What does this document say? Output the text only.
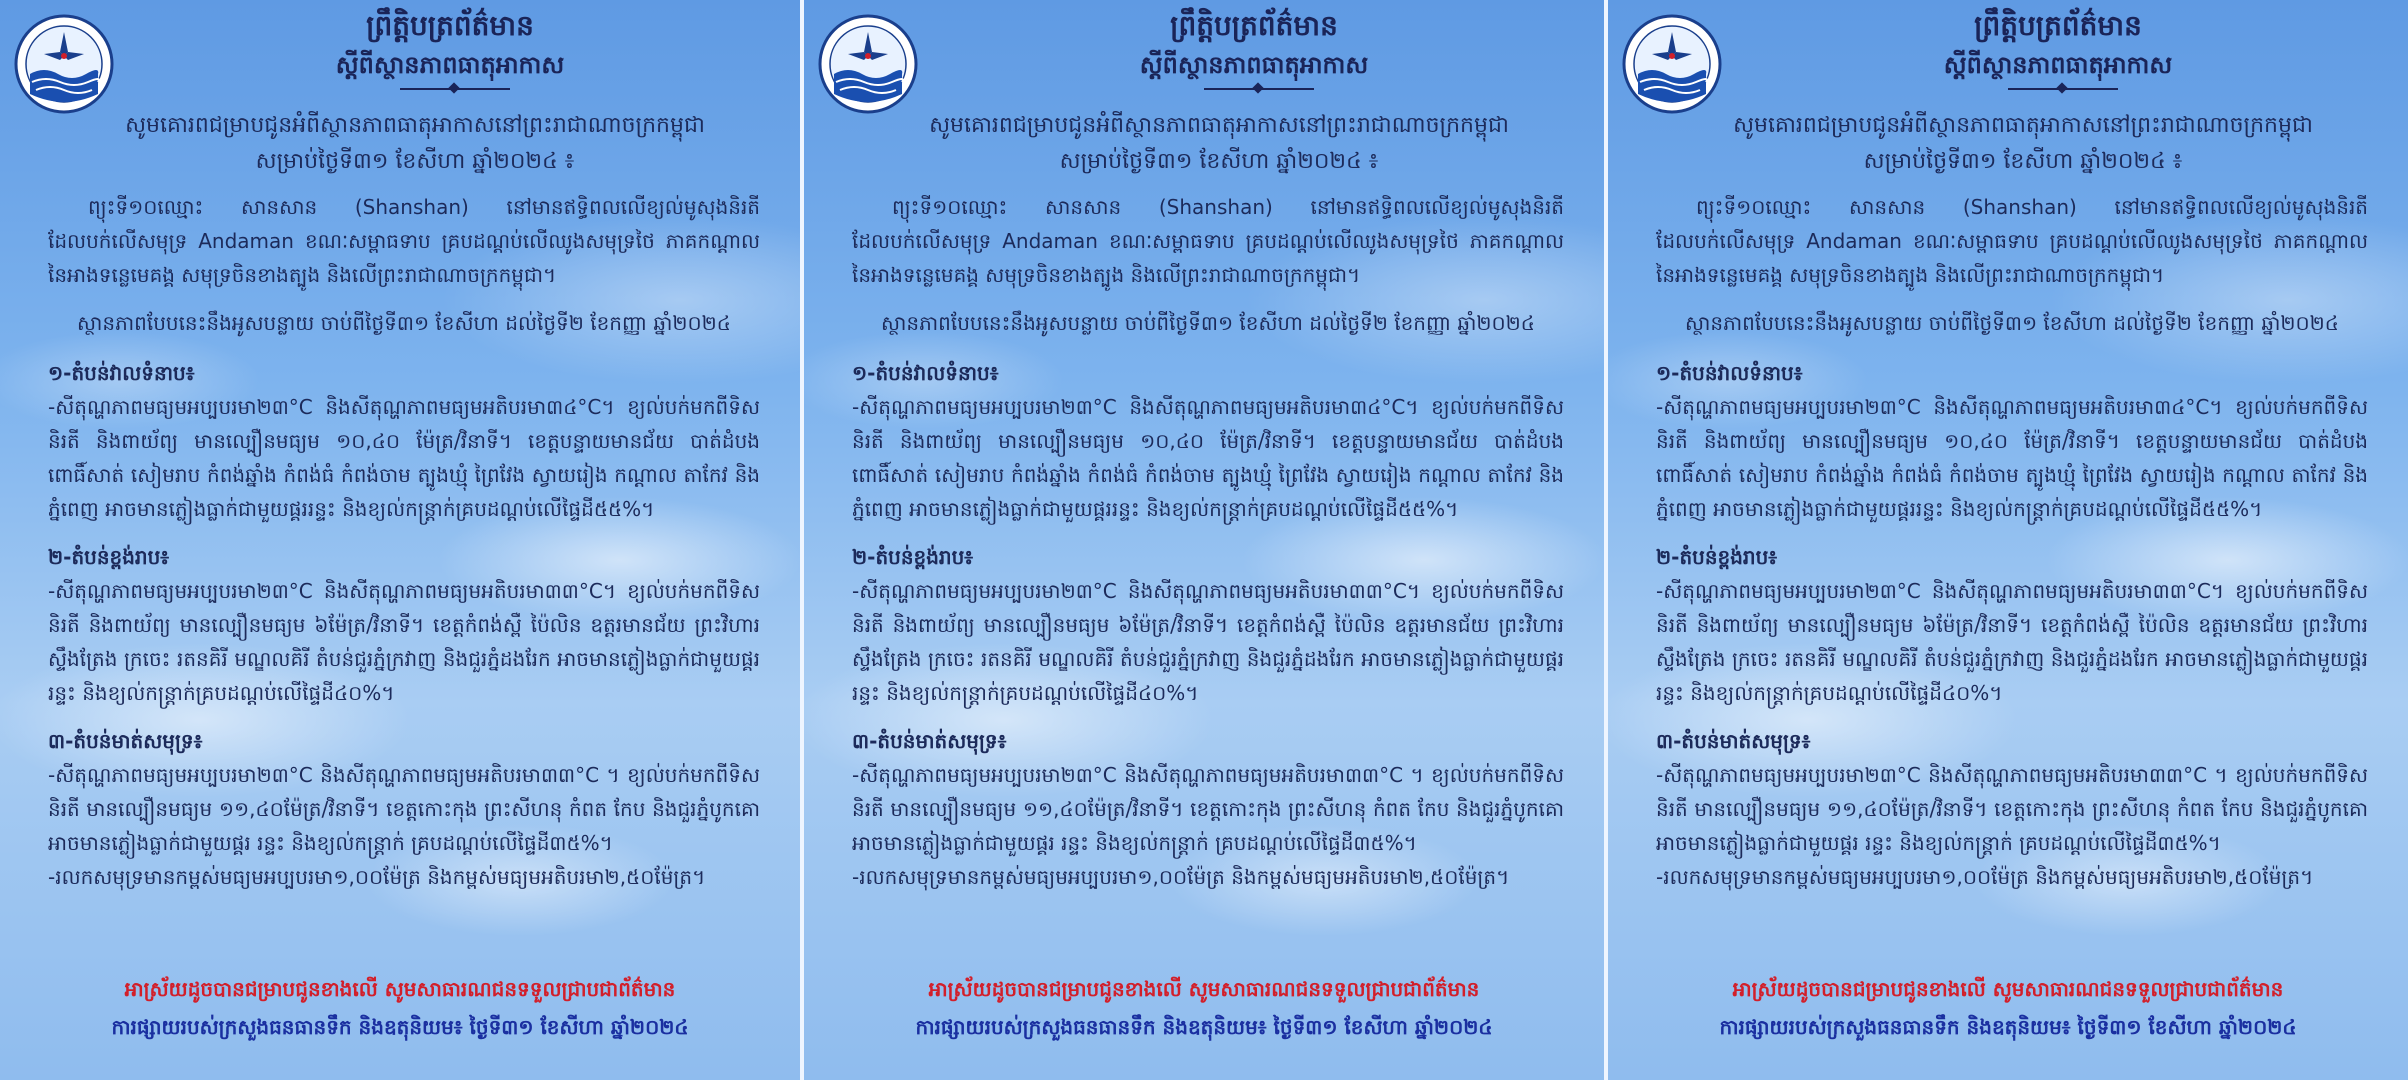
ព្រឹត្តិបត្រព័ត៌មាន
ស្តីពីស្ថានភាពធាតុអាកាស
សូមគោរពជម្រាបជូនអំពីស្ថានភាពធាតុអាកាសនៅព្រះរាជាណាចក្រកម្ពុជា
សម្រាប់ថ្ងៃទី៣១ ខែសីហា ឆ្នាំ២០២៤ ៖

ព្យុះទី១០ឈ្មោះ សានសាន (Shanshan) នៅមានឥទ្ធិពលលើខ្យល់មូសុងនិរតី ដែលបក់លើសមុទ្រ Andaman ខណៈសម្ពាធទាប គ្របដណ្តប់លើឈូងសមុទ្រថៃ ភាគកណ្តាលនៃអាងទន្លេមេគង្គ សមុទ្រចិនខាងត្បូង និងលើព្រះរាជាណាចក្រកម្ពុជា។

ស្ថានភាពបែបនេះនឹងអូសបន្លាយ ចាប់ពីថ្ងៃទី៣១ ខែសីហា ដល់ថ្ងៃទី២ ខែកញ្ញា ឆ្នាំ២០២៤

១-តំបន់វាលទំនាប៖

-សីតុណ្ហភាពមធ្យមអប្បបរមា២៣°C និងសីតុណ្ហភាពមធ្យមអតិបរមា៣៤°C។ ខ្យល់បក់មកពីទិសនិរតី និងពាយ័ព្យ មានល្បឿនមធ្យម ១០,៤០ ម៉ែត្រ/វិនាទី។ ខេត្តបន្ទាយមានជ័យ បាត់ដំបង ពោធិ៍សាត់ សៀមរាប កំពង់ឆ្នាំង កំពង់ធំ កំពង់ចាម ត្បូងឃ្មុំ ព្រៃវែង ស្វាយរៀង កណ្តាល តាកែវ និងភ្នំពេញ អាចមានភ្លៀងធ្លាក់ជាមួយផ្គររន្ទះ និងខ្យល់កន្ត្រាក់គ្របដណ្តប់លើផ្ទៃដី៥៥%។

២-តំបន់ខ្ពង់រាប៖

-សីតុណ្ហភាពមធ្យមអប្បបរមា២៣°C និងសីតុណ្ហភាពមធ្យមអតិបរមា៣៣°C។ ខ្យល់បក់មកពីទិសនិរតី និងពាយ័ព្យ មានល្បឿនមធ្យម ៦ម៉ែត្រ/វិនាទី។ ខេត្តកំពង់ស្ពឺ ប៉ៃលិន ឧត្តរមានជ័យ ព្រះវិហារ ស្ទឹងត្រែង ក្រចេះ រតនគិរី មណ្ឌលគិរី តំបន់ជួរភ្នំក្រវាញ និងជួរភ្នំដងរែក អាចមានភ្លៀងធ្លាក់ជាមួយផ្គរ រន្ទះ និងខ្យល់កន្ត្រាក់គ្របដណ្តប់លើផ្ទៃដី៤០%។

៣-តំបន់មាត់សមុទ្រ៖

-សីតុណ្ហភាពមធ្យមអប្បបរមា២៣°C និងសីតុណ្ហភាពមធ្យមអតិបរមា៣៣°C ។ ខ្យល់បក់មកពីទិសនិរតី មានល្បឿនមធ្យម ១១,៤០ម៉ែត្រ/វិនាទី។ ខេត្តកោះកុង ព្រះសីហនុ កំពត កែប និងជួរភ្នំបូកគោ អាចមានភ្លៀងធ្លាក់ជាមួយផ្គរ រន្ទះ និងខ្យល់កន្ត្រាក់ គ្របដណ្តប់លើផ្ទៃដី៣៥%។

-រលកសមុទ្រមានកម្ពស់មធ្យមអប្បបរមា១,០០ម៉ែត្រ និងកម្ពស់មធ្យមអតិបរមា២,៥០ម៉ែត្រ។

អាស្រ័យដូចបានជម្រាបជូនខាងលើ សូមសាធារណជនទទួលជ្រាបជាព័ត៌មាន
ការផ្សាយរបស់ក្រសួងធនធានទឹក និងឧតុនិយម៖ ថ្ងៃទី៣១ ខែសីហា ឆ្នាំ២០២៤
ព្រឹត្តិបត្រព័ត៌មាន
ស្តីពីស្ថានភាពធាតុអាកាស
សូមគោរពជម្រាបជូនអំពីស្ថានភាពធាតុអាកាសនៅព្រះរាជាណាចក្រកម្ពុជា
សម្រាប់ថ្ងៃទី៣១ ខែសីហា ឆ្នាំ២០២៤ ៖

ព្យុះទី១០ឈ្មោះ សានសាន (Shanshan) នៅមានឥទ្ធិពលលើខ្យល់មូសុងនិរតី ដែលបក់លើសមុទ្រ Andaman ខណៈសម្ពាធទាប គ្របដណ្តប់លើឈូងសមុទ្រថៃ ភាគកណ្តាលនៃអាងទន្លេមេគង្គ សមុទ្រចិនខាងត្បូង និងលើព្រះរាជាណាចក្រកម្ពុជា។

ស្ថានភាពបែបនេះនឹងអូសបន្លាយ ចាប់ពីថ្ងៃទី៣១ ខែសីហា ដល់ថ្ងៃទី២ ខែកញ្ញា ឆ្នាំ២០២៤

១-តំបន់វាលទំនាប៖

-សីតុណ្ហភាពមធ្យមអប្បបរមា២៣°C និងសីតុណ្ហភាពមធ្យមអតិបរមា៣៤°C។ ខ្យល់បក់មកពីទិសនិរតី និងពាយ័ព្យ មានល្បឿនមធ្យម ១០,៤០ ម៉ែត្រ/វិនាទី។ ខេត្តបន្ទាយមានជ័យ បាត់ដំបង ពោធិ៍សាត់ សៀមរាប កំពង់ឆ្នាំង កំពង់ធំ កំពង់ចាម ត្បូងឃ្មុំ ព្រៃវែង ស្វាយរៀង កណ្តាល តាកែវ និងភ្នំពេញ អាចមានភ្លៀងធ្លាក់ជាមួយផ្គររន្ទះ និងខ្យល់កន្ត្រាក់គ្របដណ្តប់លើផ្ទៃដី៥៥%។

២-តំបន់ខ្ពង់រាប៖

-សីតុណ្ហភាពមធ្យមអប្បបរមា២៣°C និងសីតុណ្ហភាពមធ្យមអតិបរមា៣៣°C។ ខ្យល់បក់មកពីទិសនិរតី និងពាយ័ព្យ មានល្បឿនមធ្យម ៦ម៉ែត្រ/វិនាទី។ ខេត្តកំពង់ស្ពឺ ប៉ៃលិន ឧត្តរមានជ័យ ព្រះវិហារ ស្ទឹងត្រែង ក្រចេះ រតនគិរី មណ្ឌលគិរី តំបន់ជួរភ្នំក្រវាញ និងជួរភ្នំដងរែក អាចមានភ្លៀងធ្លាក់ជាមួយផ្គរ រន្ទះ និងខ្យល់កន្ត្រាក់គ្របដណ្តប់លើផ្ទៃដី៤០%។

៣-តំបន់មាត់សមុទ្រ៖

-សីតុណ្ហភាពមធ្យមអប្បបរមា២៣°C និងសីតុណ្ហភាពមធ្យមអតិបរមា៣៣°C ។ ខ្យល់បក់មកពីទិសនិរតី មានល្បឿនមធ្យម ១១,៤០ម៉ែត្រ/វិនាទី។ ខេត្តកោះកុង ព្រះសីហនុ កំពត កែប និងជួរភ្នំបូកគោ អាចមានភ្លៀងធ្លាក់ជាមួយផ្គរ រន្ទះ និងខ្យល់កន្ត្រាក់ គ្របដណ្តប់លើផ្ទៃដី៣៥%។

-រលកសមុទ្រមានកម្ពស់មធ្យមអប្បបរមា១,០០ម៉ែត្រ និងកម្ពស់មធ្យមអតិបរមា២,៥០ម៉ែត្រ។

អាស្រ័យដូចបានជម្រាបជូនខាងលើ សូមសាធារណជនទទួលជ្រាបជាព័ត៌មាន
ការផ្សាយរបស់ក្រសួងធនធានទឹក និងឧតុនិយម៖ ថ្ងៃទី៣១ ខែសីហា ឆ្នាំ២០២៤
ព្រឹត្តិបត្រព័ត៌មាន
ស្តីពីស្ថានភាពធាតុអាកាស
សូមគោរពជម្រាបជូនអំពីស្ថានភាពធាតុអាកាសនៅព្រះរាជាណាចក្រកម្ពុជា
សម្រាប់ថ្ងៃទី៣១ ខែសីហា ឆ្នាំ២០២៤ ៖

ព្យុះទី១០ឈ្មោះ សានសាន (Shanshan) នៅមានឥទ្ធិពលលើខ្យល់មូសុងនិរតី ដែលបក់លើសមុទ្រ Andaman ខណៈសម្ពាធទាប គ្របដណ្តប់លើឈូងសមុទ្រថៃ ភាគកណ្តាលនៃអាងទន្លេមេគង្គ សមុទ្រចិនខាងត្បូង និងលើព្រះរាជាណាចក្រកម្ពុជា។

ស្ថានភាពបែបនេះនឹងអូសបន្លាយ ចាប់ពីថ្ងៃទី៣១ ខែសីហា ដល់ថ្ងៃទី២ ខែកញ្ញា ឆ្នាំ២០២៤

១-តំបន់វាលទំនាប៖

-សីតុណ្ហភាពមធ្យមអប្បបរមា២៣°C និងសីតុណ្ហភាពមធ្យមអតិបរមា៣៤°C។ ខ្យល់បក់មកពីទិសនិរតី និងពាយ័ព្យ មានល្បឿនមធ្យម ១០,៤០ ម៉ែត្រ/វិនាទី។ ខេត្តបន្ទាយមានជ័យ បាត់ដំបង ពោធិ៍សាត់ សៀមរាប កំពង់ឆ្នាំង កំពង់ធំ កំពង់ចាម ត្បូងឃ្មុំ ព្រៃវែង ស្វាយរៀង កណ្តាល តាកែវ និងភ្នំពេញ អាចមានភ្លៀងធ្លាក់ជាមួយផ្គររន្ទះ និងខ្យល់កន្ត្រាក់គ្របដណ្តប់លើផ្ទៃដី៥៥%។

២-តំបន់ខ្ពង់រាប៖

-សីតុណ្ហភាពមធ្យមអប្បបរមា២៣°C និងសីតុណ្ហភាពមធ្យមអតិបរមា៣៣°C។ ខ្យល់បក់មកពីទិសនិរតី និងពាយ័ព្យ មានល្បឿនមធ្យម ៦ម៉ែត្រ/វិនាទី។ ខេត្តកំពង់ស្ពឺ ប៉ៃលិន ឧត្តរមានជ័យ ព្រះវិហារ ស្ទឹងត្រែង ក្រចេះ រតនគិរី មណ្ឌលគិរី តំបន់ជួរភ្នំក្រវាញ និងជួរភ្នំដងរែក អាចមានភ្លៀងធ្លាក់ជាមួយផ្គរ រន្ទះ និងខ្យល់កន្ត្រាក់គ្របដណ្តប់លើផ្ទៃដី៤០%។

៣-តំបន់មាត់សមុទ្រ៖

-សីតុណ្ហភាពមធ្យមអប្បបរមា២៣°C និងសីតុណ្ហភាពមធ្យមអតិបរមា៣៣°C ។ ខ្យល់បក់មកពីទិសនិរតី មានល្បឿនមធ្យម ១១,៤០ម៉ែត្រ/វិនាទី។ ខេត្តកោះកុង ព្រះសីហនុ កំពត កែប និងជួរភ្នំបូកគោ អាចមានភ្លៀងធ្លាក់ជាមួយផ្គរ រន្ទះ និងខ្យល់កន្ត្រាក់ គ្របដណ្តប់លើផ្ទៃដី៣៥%។

-រលកសមុទ្រមានកម្ពស់មធ្យមអប្បបរមា១,០០ម៉ែត្រ និងកម្ពស់មធ្យមអតិបរមា២,៥០ម៉ែត្រ។

អាស្រ័យដូចបានជម្រាបជូនខាងលើ សូមសាធារណជនទទួលជ្រាបជាព័ត៌មាន
ការផ្សាយរបស់ក្រសួងធនធានទឹក និងឧតុនិយម៖ ថ្ងៃទី៣១ ខែសីហា ឆ្នាំ២០២៤
